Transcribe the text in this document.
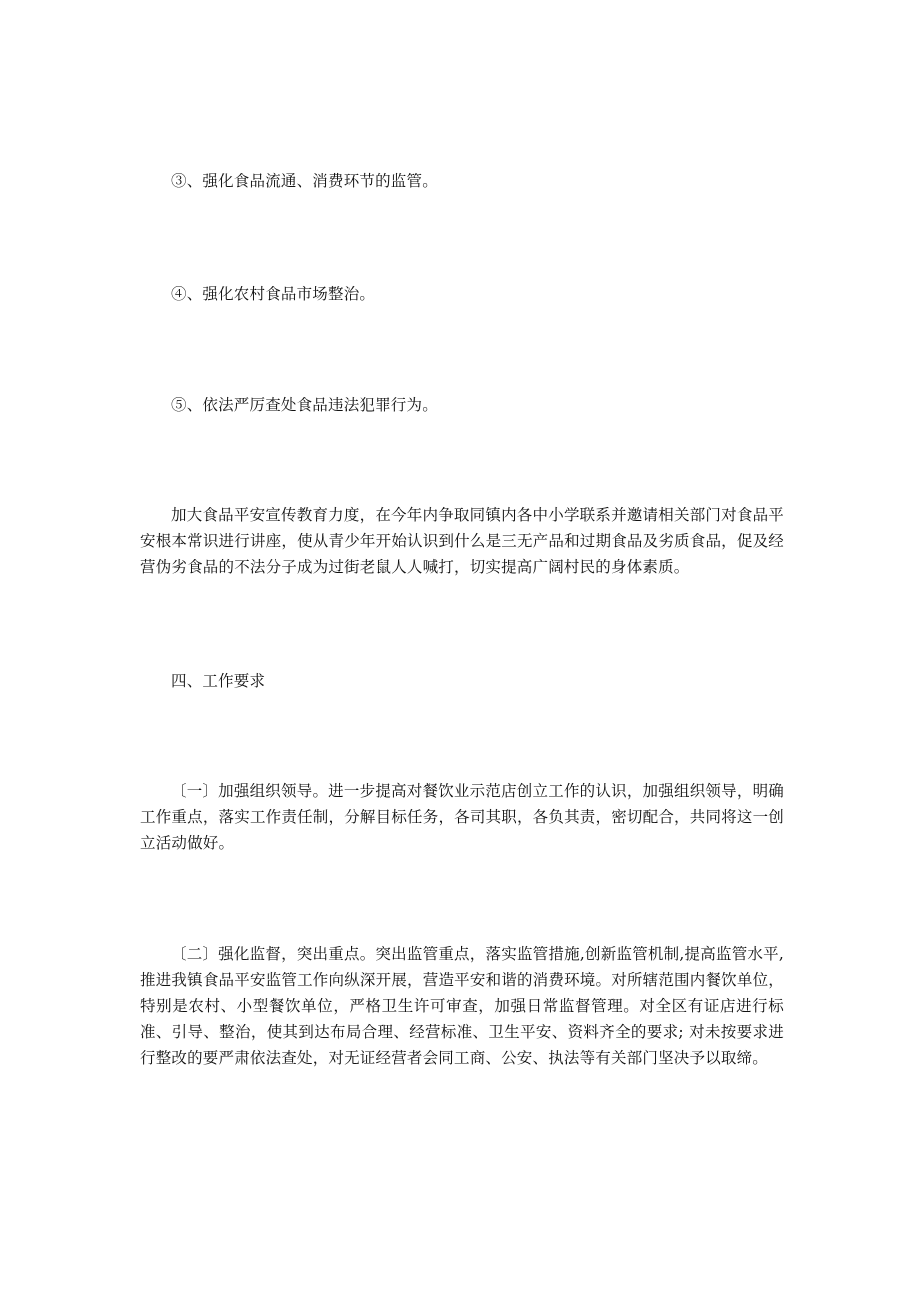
③、强化食品流通、消费环节的监管。

④、强化农村食品市场整治。

⑤、依法严厉查处食品违法犯罪行为。

加大食品平安宣传教育力度，在今年内争取同镇内各中小学联系并邀请相关部门对食品平安根本常识进行讲座，使从青少年开始认识到什么是三无产品和过期食品及劣质食品，促及经营伪劣食品的不法分子成为过街老鼠人人喊打，切实提高广阔村民的身体素质。

四、工作要求

〔一〕加强组织领导。进一步提高对餐饮业示范店创立工作的认识，加强组织领导，明确工作重点，落实工作责任制，分解目标任务，各司其职，各负其责，密切配合，共同将这一创立活动做好。

〔二〕强化监督，突出重点。突出监管重点，落实监管措施,创新监管机制,提高监管水平,推进我镇食品平安监管工作向纵深开展，营造平安和谐的消费环境。对所辖范围内餐饮单位，特别是农村、小型餐饮单位，严格卫生许可审查，加强日常监督管理。对全区有证店进行标准、引导、整治，使其到达布局合理、经营标准、卫生平安、资料齐全的要求; 对未按要求进行整改的要严肃依法查处，对无证经营者会同工商、公安、执法等有关部门坚决予以取缔。
